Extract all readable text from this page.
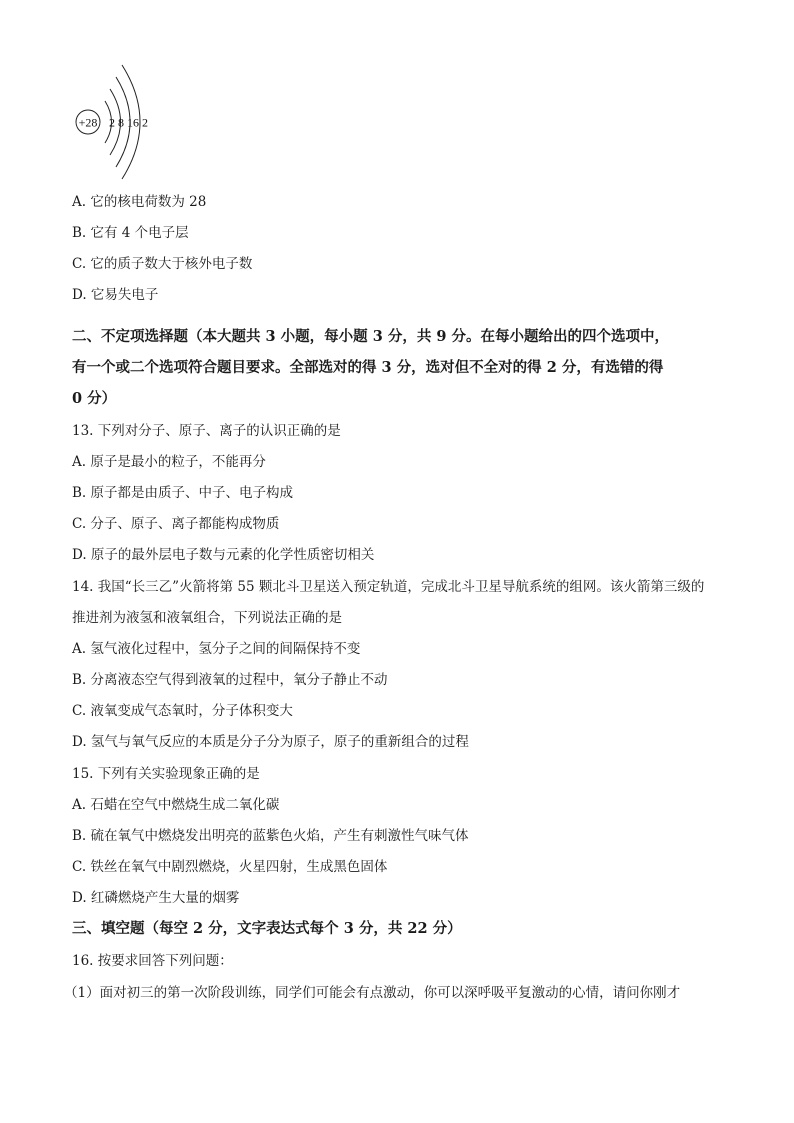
+28 2 8 16 2
A. 它的核电荷数为 28
B. 它有 4 个电子层
C. 它的质子数大于核外电子数
D. 它易失电子
二、不定项选择题（本大题共 3 小题，每小题 3 分，共 9 分。在每小题给出的四个选项中，
有一个或二个选项符合题目要求。全部选对的得 3 分，选对但不全对的得 2 分，有选错的得
0 分）
13. 下列对分子、原子、离子的认识正确的是
A. 原子是最小的粒子，不能再分
B. 原子都是由质子、中子、电子构成
C. 分子、原子、离子都能构成物质
D. 原子的最外层电子数与元素的化学性质密切相关
14. 我国“长三乙”火箭将第 55 颗北斗卫星送入预定轨道，完成北斗卫星导航系统的组网。该火箭第三级的
推进剂为液氢和液氧组合，下列说法正确的是
A. 氢气液化过程中，氢分子之间的间隔保持不变
B. 分离液态空气得到液氧的过程中，氧分子静止不动
C. 液氧变成气态氧时，分子体积变大
D. 氢气与氧气反应的本质是分子分为原子，原子的重新组合的过程
15. 下列有关实验现象正确的是
A. 石蜡在空气中燃烧生成二氧化碳
B. 硫在氧气中燃烧发出明亮的蓝紫色火焰，产生有刺激性气味气体
C. 铁丝在氧气中剧烈燃烧，火星四射，生成黑色固体
D. 红磷燃烧产生大量的烟雾
三、填空题（每空 2 分，文字表达式每个 3 分，共 22 分）
16. 按要求回答下列问题：
（1）面对初三的第一次阶段训练，同学们可能会有点激动，你可以深呼吸平复激动的心情，请问你刚才
